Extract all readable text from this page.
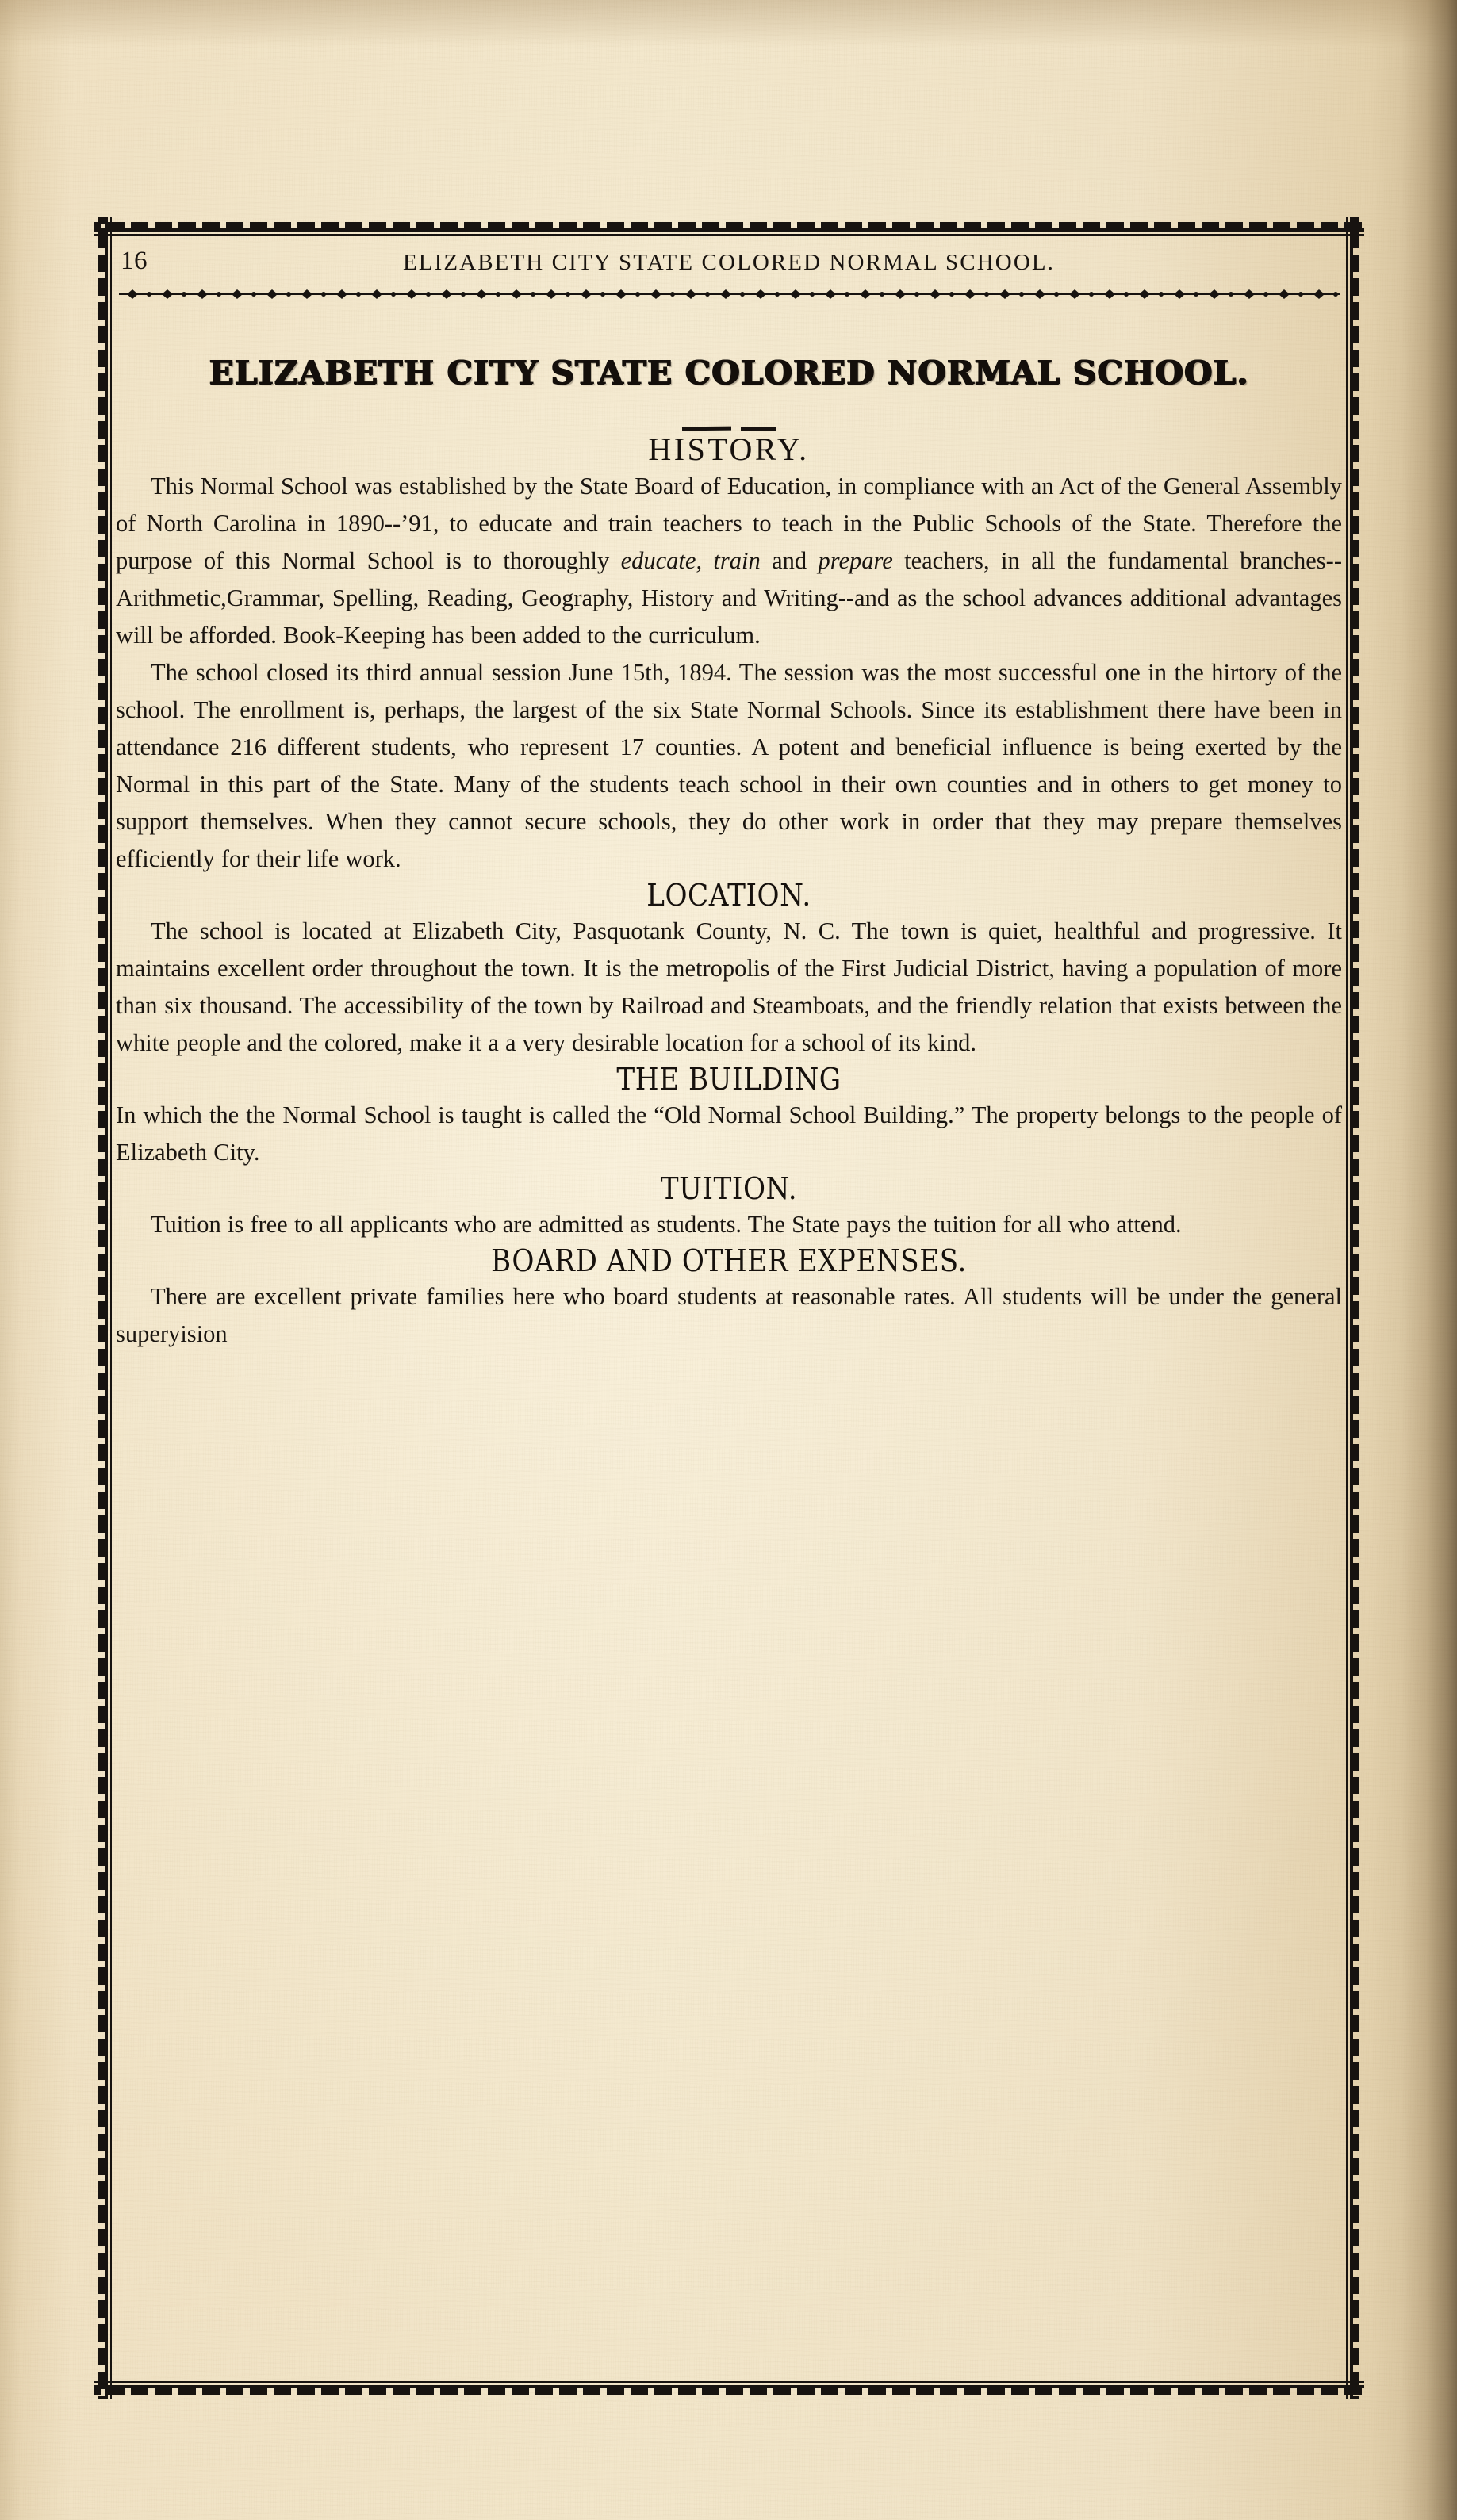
16	ELIZABETH CITY STATE COLORED NORMAL SCHOOL.
ELIZABETH CITY STATE COLORED NORMAL SCHOOL.
HISTORY.

This Normal School was established by the State Board of Education, in compliance with an Act of the General Assembly of North Carolina in 1890--’91, to educate and train teachers to teach in the Public Schools of the State. Therefore the purpose of this Normal School is to thoroughly educate, train and prepare teachers, in all the fundamental branches--Arithmetic,Grammar, Spelling, Reading, Geography, History and Writing--and as the school advances additional advantages will be afforded. Book-Keeping has been added to the curriculum.

The school closed its third annual session June 15th, 1894. The session was the most successful one in the hirtory of the school. The enrollment is, perhaps, the largest of the six State Normal Schools. Since its establishment there have been in attendance 216 different students, who represent 17 counties. A potent and beneficial influence is being exerted by the Normal in this part of the State. Many of the students teach school in their own counties and in others to get money to support themselves. When they cannot secure schools, they do other work in order that they may prepare themselves efficiently for their life work.

LOCATION.

The school is located at Elizabeth City, Pasquotank County, N. C. The town is quiet, healthful and progressive. It maintains excellent order throughout the town. It is the metropolis of the First Judicial District, having a population of more than six thousand. The accessibility of the town by Railroad and Steamboats, and the friendly relation that exists between the white people and the colored, make it a a very desirable location for a school of its kind.

THE BUILDING

In which the the Normal School is taught is called the “Old Normal School Building.” The property belongs to the people of Elizabeth City.

TUITION.

Tuition is free to all applicants who are admitted as students. The State pays the tuition for all who attend.

BOARD AND OTHER EXPENSES.

There are excellent private families here who board students at reasonable rates. All students will be under the general superyision
